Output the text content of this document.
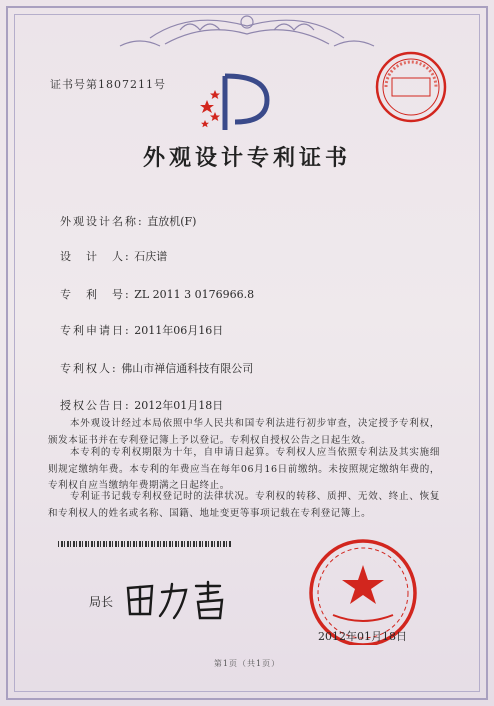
证书号第1807211号
外观设计专利证书
外观设计名称: 直放机(F)
设　计　人: 石庆谱
专　利　号: ZL 2011 3 0176966.8
专利申请日: 2011年06月16日
专利权人: 佛山市禅信通科技有限公司
授权公告日: 2012年01月18日
本外观设计经过本局依照中华人民共和国专利法进行初步审查，决定授予专利权，颁发本证书并在专利登记簿上予以登记。专利权自授权公告之日起生效。
本专利的专利权期限为十年，自申请日起算。专利权人应当依照专利法及其实施细则规定缴纳年费。本专利的年费应当在每年06月16日前缴纳。未按照规定缴纳年费的，专利权自应当缴纳年费期满之日起终止。
专利证书记载专利权登记时的法律状况。专利权的转移、质押、无效、终止、恢复和专利权人的姓名或名称、国籍、地址变更等事项记载在专利登记簿上。
局长
2012年01月18日
第1页（共1页）
